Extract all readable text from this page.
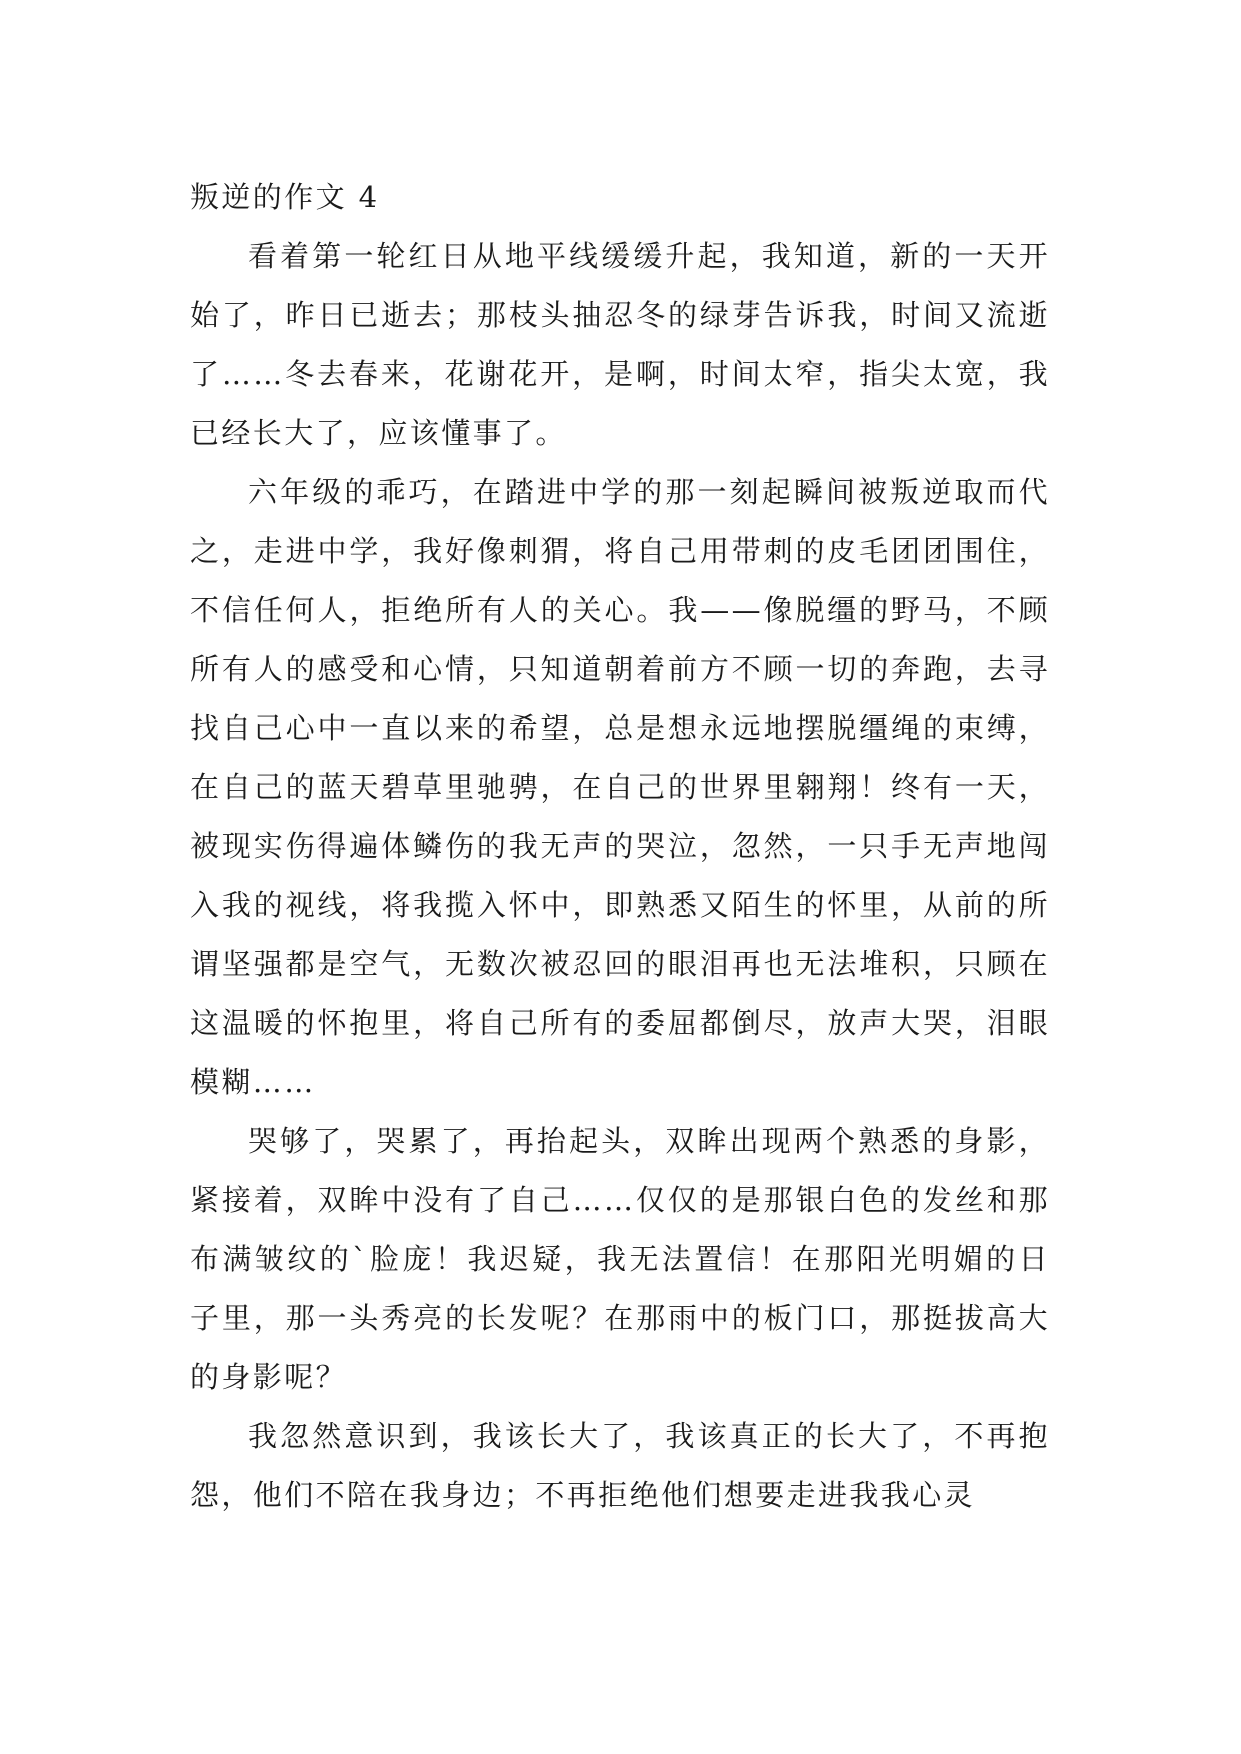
叛逆的作文 4

看着第一轮红日从地平线缓缓升起，我知道，新的一天开始了，昨日已逝去；那枝头抽忍冬的绿芽告诉我，时间又流逝了……冬去春来，花谢花开，是啊，时间太窄，指尖太宽，我已经长大了，应该懂事了。

六年级的乖巧，在踏进中学的那一刻起瞬间被叛逆取而代之，走进中学，我好像刺猬，将自己用带刺的皮毛团团围住，不信任何人，拒绝所有人的关心。我——像脱缰的野马，不顾所有人的感受和心情，只知道朝着前方不顾一切的奔跑，去寻找自己心中一直以来的希望，总是想永远地摆脱缰绳的束缚，在自己的蓝天碧草里驰骋，在自己的世界里翱翔！终有一天，被现实伤得遍体鳞伤的我无声的哭泣，忽然，一只手无声地闯入我的视线，将我揽入怀中，即熟悉又陌生的怀里，从前的所谓坚强都是空气，无数次被忍回的眼泪再也无法堆积，只顾在这温暖的怀抱里，将自己所有的委屈都倒尽，放声大哭，泪眼模糊……

哭够了，哭累了，再抬起头，双眸出现两个熟悉的身影，紧接着，双眸中没有了自己……仅仅的是那银白色的发丝和那布满皱纹的`脸庞！我迟疑，我无法置信！在那阳光明媚的日子里，那一头秀亮的长发呢？在那雨中的板门口，那挺拔高大的身影呢？

我忽然意识到，我该长大了，我该真正的长大了，不再抱怨，他们不陪在我身边；不再拒绝他们想要走进我我心灵
